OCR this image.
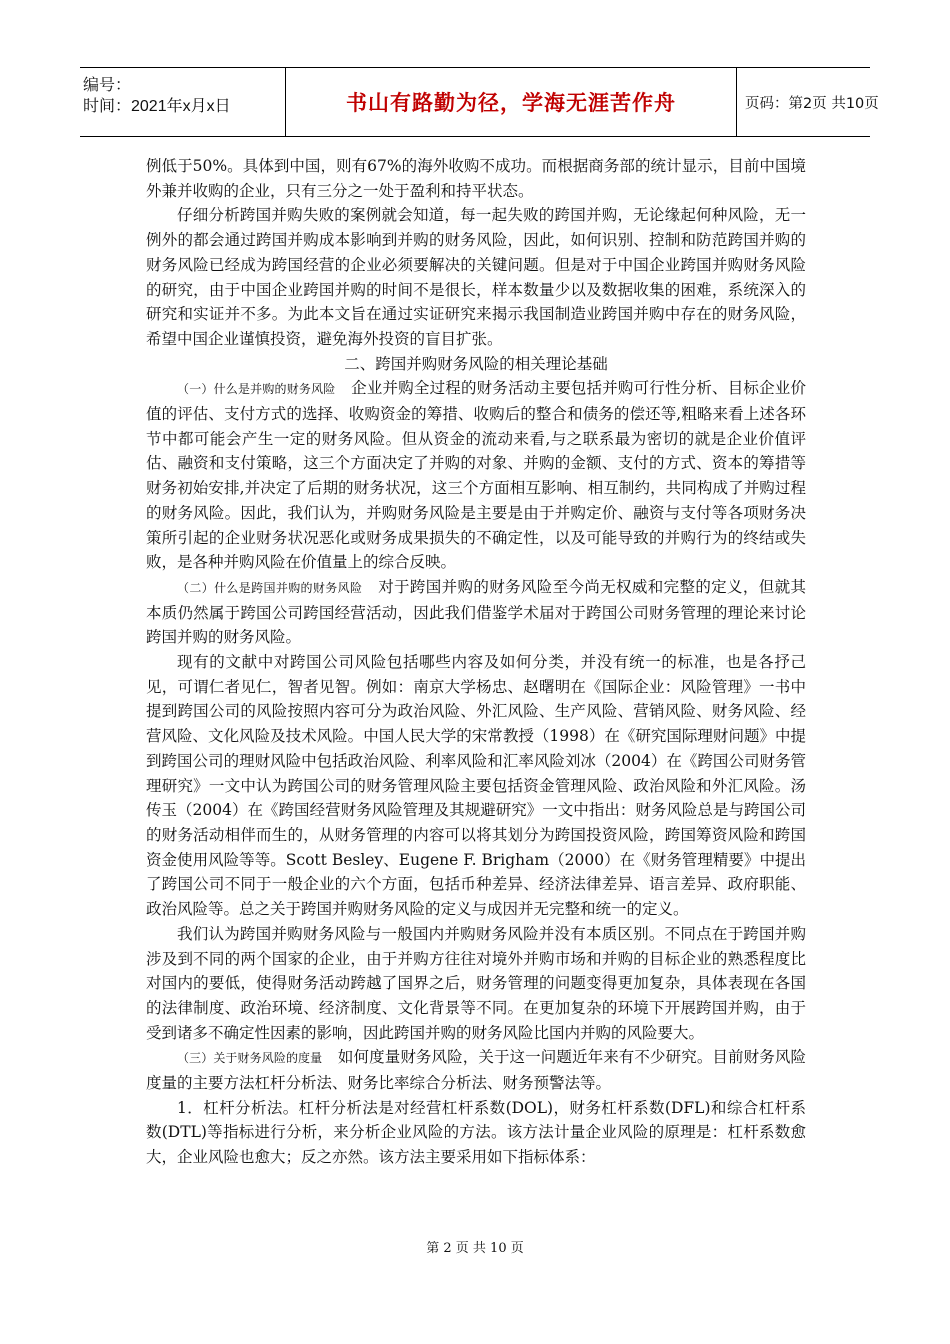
编号：
时间：2021年x月x日	书山有路勤为径，学海无涯苦作舟	页码：第2页 共10页

例低于50%。具体到中国，则有67%的海外收购不成功。而根据商务部的统计显示，目前中国境外兼并收购的企业，只有三分之一处于盈利和持平状态。

仔细分析跨国并购失败的案例就会知道，每一起失败的跨国并购，无论缘起何种风险，无一例外的都会通过跨国并购成本影响到并购的财务风险，因此，如何识别、控制和防范跨国并购的财务风险已经成为跨国经营的企业必须要解决的关键问题。但是对于中国企业跨国并购财务风险的研究，由于中国企业跨国并购的时间不是很长，样本数量少以及数据收集的困难，系统深入的研究和实证并不多。为此本文旨在通过实证研究来揭示我国制造业跨国并购中存在的财务风险，希望中国企业谨慎投资，避免海外投资的盲目扩张。

二、跨国并购财务风险的相关理论基础

（一）什么是并购的财务风险　 企业并购全过程的财务活动主要包括并购可行性分析、目标企业价值的评估、支付方式的选择、收购资金的筹措、收购后的整合和债务的偿还等,粗略来看上述各环节中都可能会产生一定的财务风险。但从资金的流动来看,与之联系最为密切的就是企业价值评估、融资和支付策略，这三个方面决定了并购的对象、并购的金额、支付的方式、资本的筹措等财务初始安排,并决定了后期的财务状况，这三个方面相互影响、相互制约，共同构成了并购过程的财务风险。因此，我们认为，并购财务风险是主要是由于并购定价、融资与支付等各项财务决策所引起的企业财务状况恶化或财务成果损失的不确定性，以及可能导致的并购行为的终结或失败，是各种并购风险在价值量上的综合反映。

（二）什么是跨国并购的财务风险　 对于跨国并购的财务风险至今尚无权威和完整的定义，但就其本质仍然属于跨国公司跨国经营活动，因此我们借鉴学术届对于跨国公司财务管理的理论来讨论跨国并购的财务风险。

现有的文献中对跨国公司风险包括哪些内容及如何分类，并没有统一的标准，也是各抒己见，可谓仁者见仁，智者见智。例如：南京大学杨忠、赵曙明在《国际企业：风险管理》一书中提到跨国公司的风险按照内容可分为政治风险、外汇风险、生产风险、营销风险、财务风险、经营风险、文化风险及技术风险。中国人民大学的宋常教授（1998）在《研究国际理财问题》中提到跨国公司的理财风险中包括政治风险、利率风险和汇率风险刘冰（2004）在《跨国公司财务管理研究》一文中认为跨国公司的财务管理风险主要包括资金管理风险、政治风险和外汇风险。汤传玉（2004）在《跨国经营财务风险管理及其规避研究》一文中指出：财务风险总是与跨国公司的财务活动相伴而生的，从财务管理的内容可以将其划分为跨国投资风险，跨国筹资风险和跨国资金使用风险等等。Scott Besley、Eugene F. Brigham（2000）在《财务管理精要》中提出了跨国公司不同于一般企业的六个方面，包括币种差异、经济法律差异、语言差异、政府职能、政治风险等。总之关于跨国并购财务风险的定义与成因并无完整和统一的定义。

我们认为跨国并购财务风险与一般国内并购财务风险并没有本质区别。不同点在于跨国并购涉及到不同的两个国家的企业，由于并购方往往对境外并购市场和并购的目标企业的熟悉程度比对国内的要低，使得财务活动跨越了国界之后，财务管理的问题变得更加复杂，具体表现在各国的法律制度、政治环境、经济制度、文化背景等不同。在更加复杂的环境下开展跨国并购，由于受到诸多不确定性因素的影响，因此跨国并购的财务风险比国内并购的风险要大。

（三）关于财务风险的度量　 如何度量财务风险，关于这一问题近年来有不少研究。目前财务风险度量的主要方法杠杆分析法、财务比率综合分析法、财务预警法等。

1．杠杆分析法。杠杆分析法是对经营杠杆系数(DOL)，财务杠杆系数(DFL)和综合杠杆系数(DTL)等指标进行分析，来分析企业风险的方法。该方法计量企业风险的原理是：杠杆系数愈大，企业风险也愈大；反之亦然。该方法主要采用如下指标体系：

第 2 页 共 10 页
